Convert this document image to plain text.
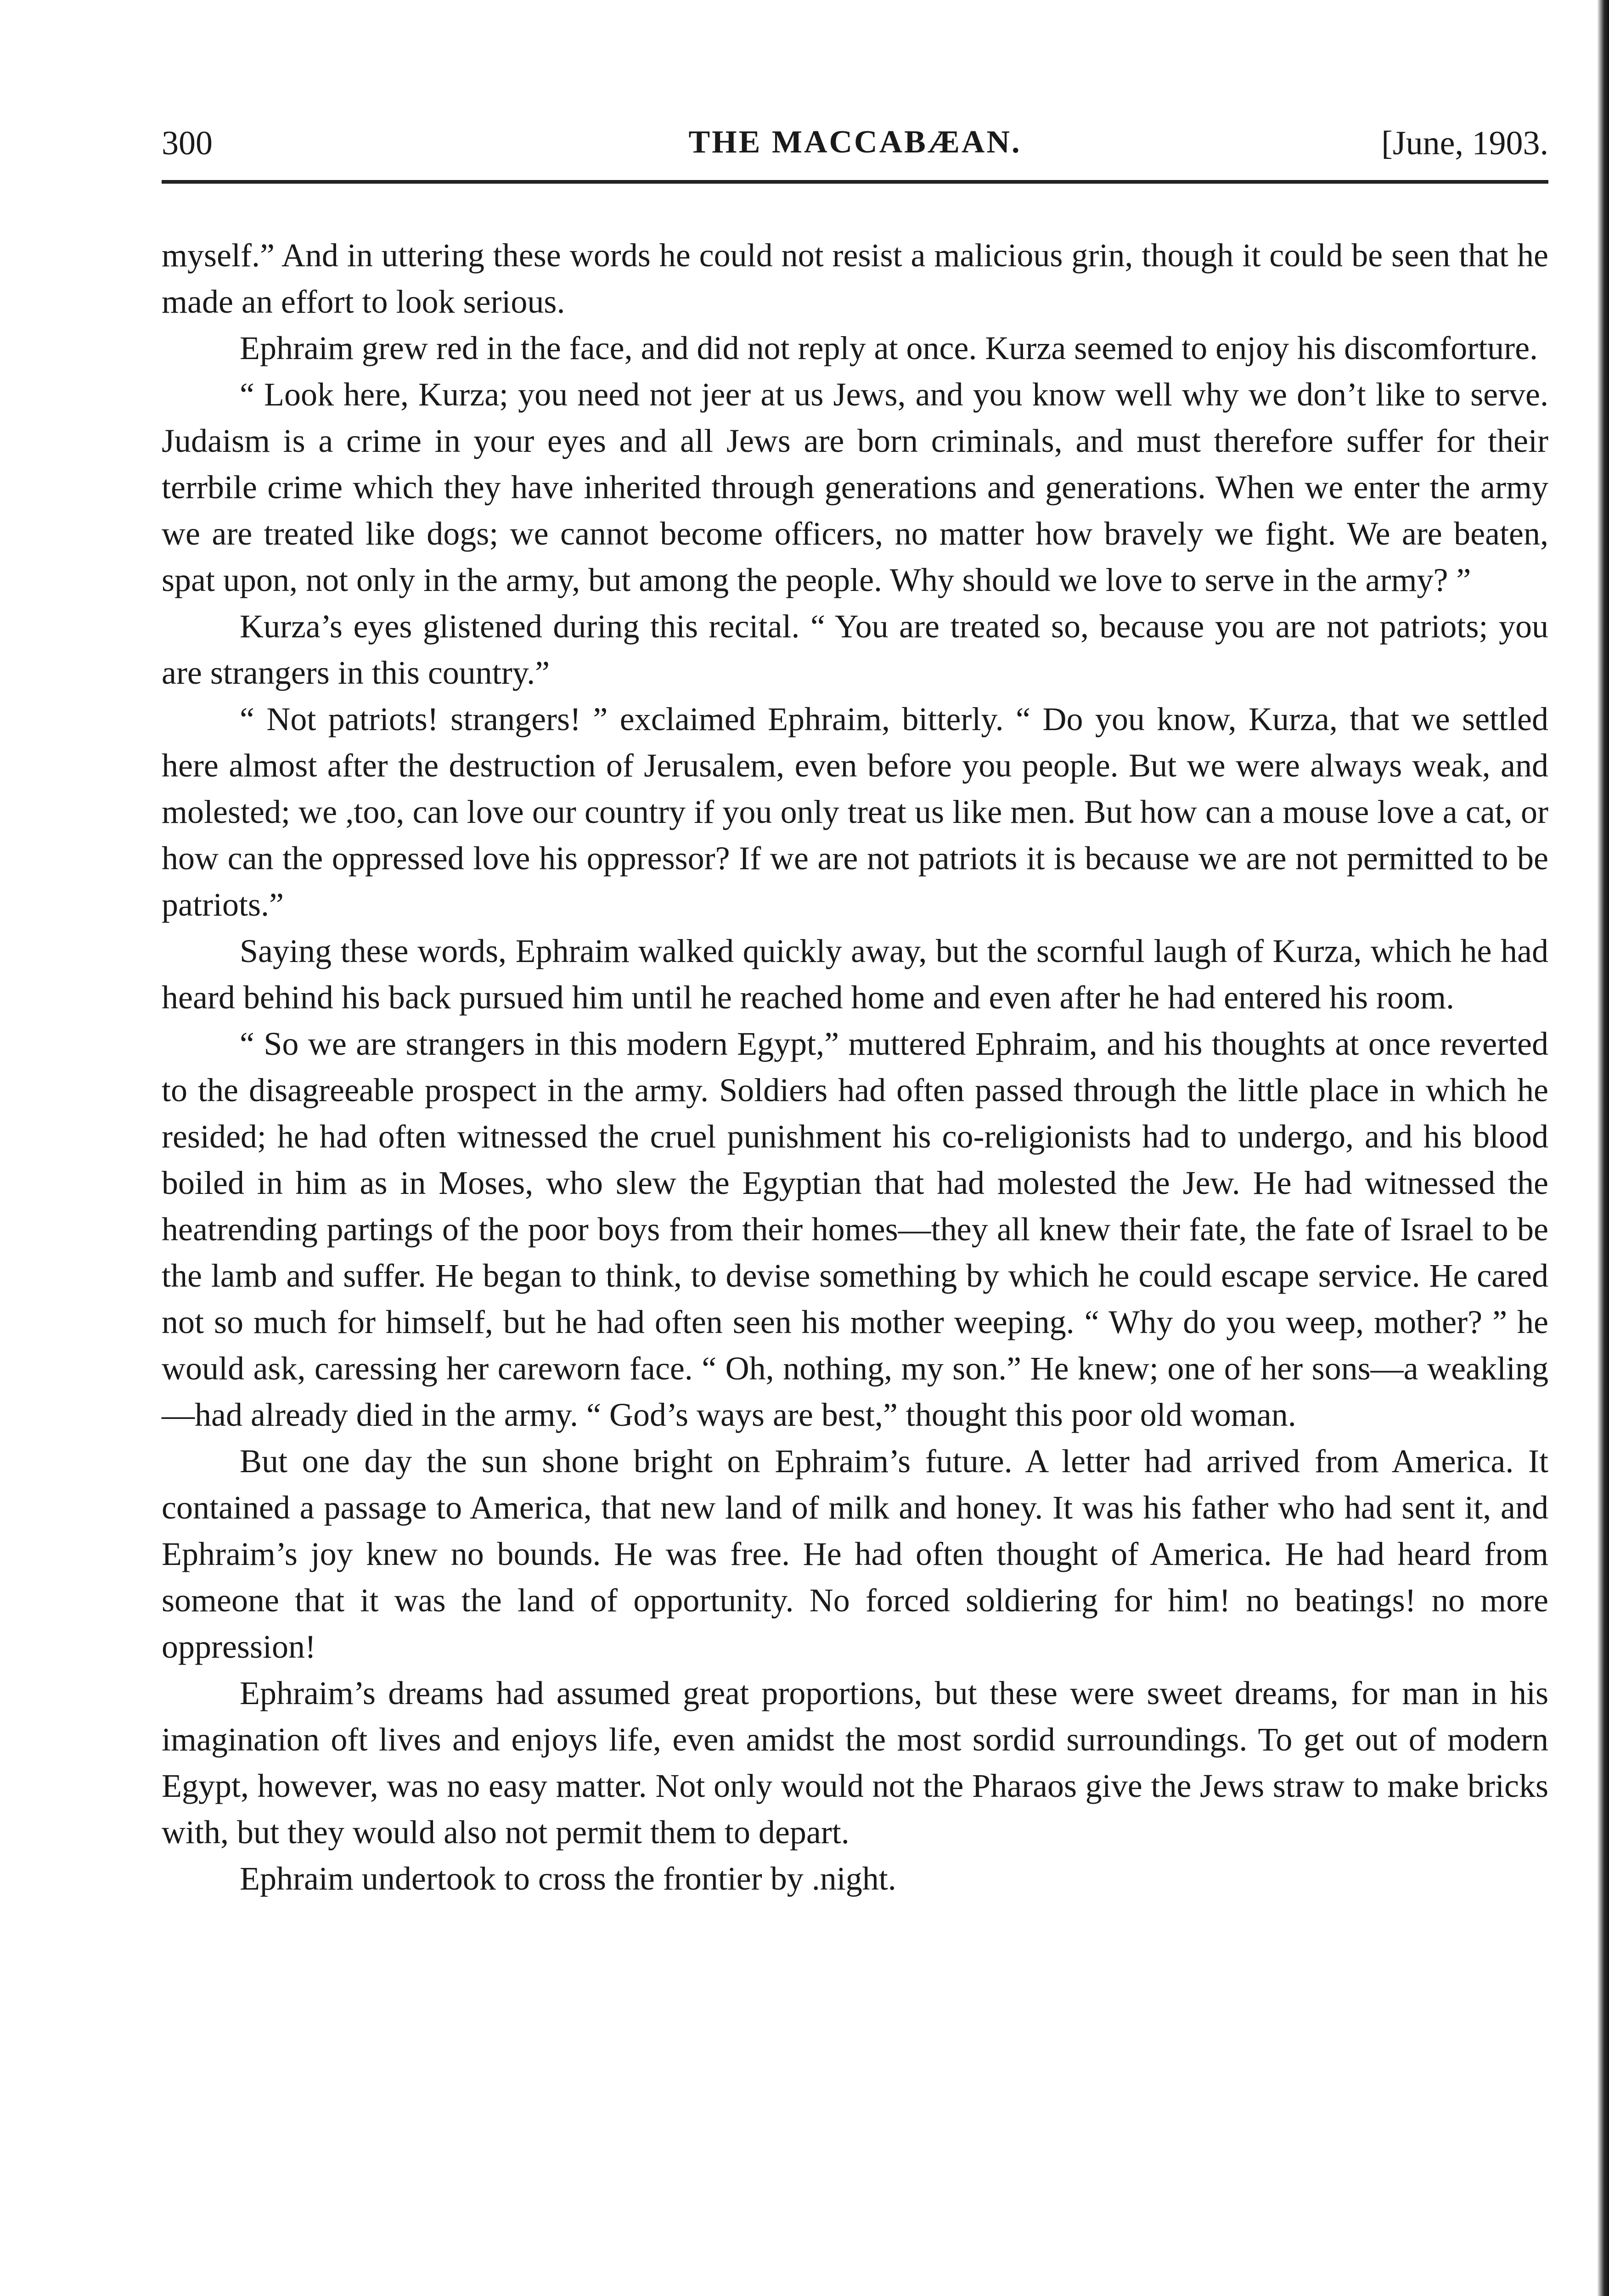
300	THE MACCABÆAN.	[June, 1903.

myself.” And in uttering these words he could not resist a malicious grin, though it could be seen that he made an effort to look serious.

Ephraim grew red in the face, and did not reply at once. Kurza seemed to enjoy his discomforture.

“ Look here, Kurza; you need not jeer at us Jews, and you know well why we don’t like to serve. Judaism is a crime in your eyes and all Jews are born criminals, and must therefore suffer for their terrbile crime which they have inherited through generations and generations. When we enter the army we are treated like dogs; we cannot become officers, no matter how bravely we fight. We are beaten, spat upon, not only in the army, but among the people. Why should we love to serve in the army? ”

Kurza’s eyes glistened during this recital. “ You are treated so, because you are not patriots; you are strangers in this country.”

“ Not patriots! strangers! ” exclaimed Ephraim, bitterly. “ Do you know, Kurza, that we settled here almost after the destruction of Jerusalem, even before you people. But we were always weak, and molested; we ,too, can love our country if you only treat us like men. But how can a mouse love a cat, or how can the oppressed love his oppressor? If we are not patriots it is because we are not permitted to be patriots.”

Saying these words, Ephraim walked quickly away, but the scornful laugh of Kurza, which he had heard behind his back pursued him until he reached home and even after he had entered his room.

“ So we are strangers in this modern Egypt,” muttered Ephraim, and his thoughts at once reverted to the disagreeable prospect in the army. Soldiers had often passed through the little place in which he resided; he had often witnessed the cruel punishment his co-religionists had to undergo, and his blood boiled in him as in Moses, who slew the Egyptian that had molested the Jew. He had witnessed the heatrending partings of the poor boys from their homes—they all knew their fate, the fate of Israel to be the lamb and suffer. He began to think, to devise something by which he could escape service. He cared not so much for himself, but he had often seen his mother weeping. “ Why do you weep, mother? ” he would ask, caressing her careworn face. “ Oh, nothing, my son.” He knew; one of her sons—a weakling—had already died in the army. “ God’s ways are best,” thought this poor old woman.

But one day the sun shone bright on Ephraim’s future. A letter had arrived from America. It contained a passage to America, that new land of milk and honey. It was his father who had sent it, and Ephraim’s joy knew no bounds. He was free. He had often thought of America. He had heard from someone that it was the land of opportunity. No forced soldiering for him! no beatings! no more oppression!

Ephraim’s dreams had assumed great proportions, but these were sweet dreams, for man in his imagination oft lives and enjoys life, even amidst the most sordid surroundings. To get out of modern Egypt, however, was no easy matter. Not only would not the Pharaos give the Jews straw to make bricks with, but they would also not permit them to depart.

Ephraim undertook to cross the frontier by .night.
